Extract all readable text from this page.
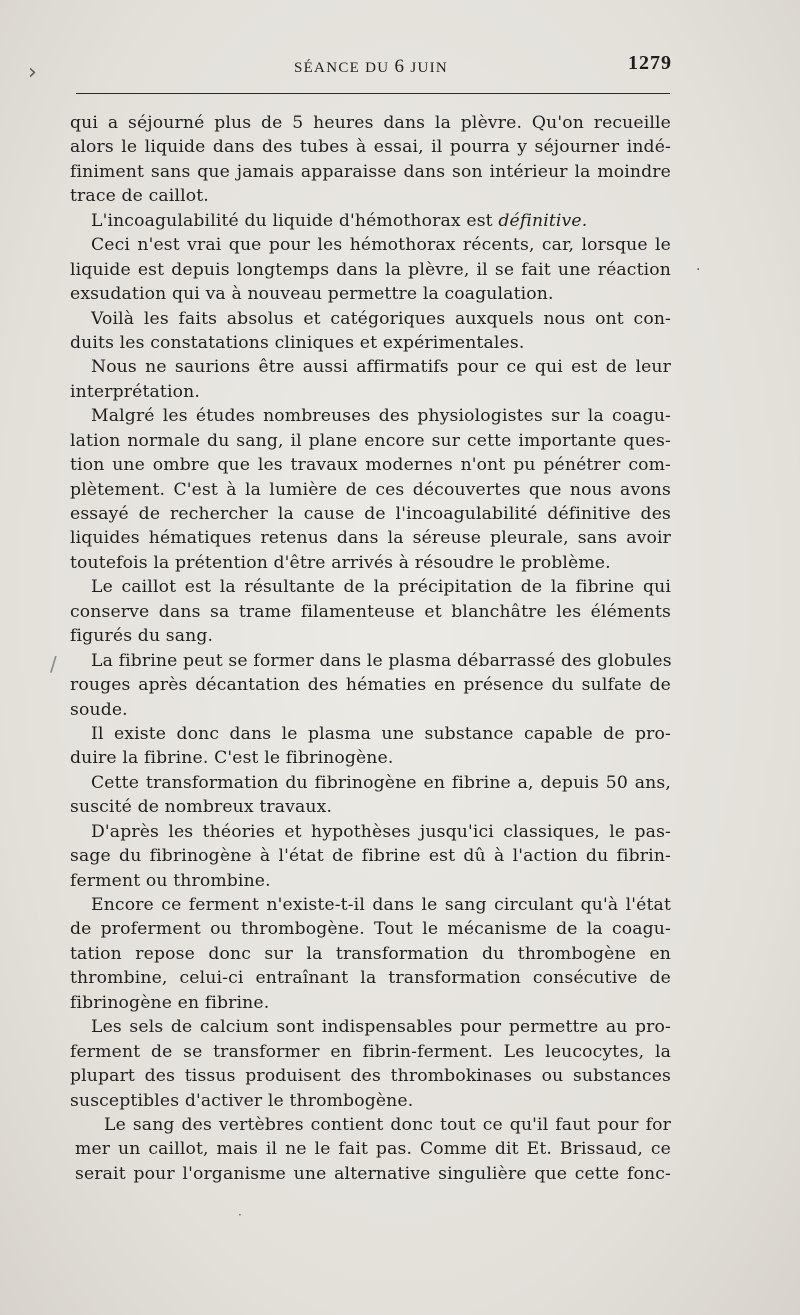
SÉANCE DU 6 JUIN	1279
qui a séjourné plus de 5 heures dans la plèvre. Qu'on recueille
alors le liquide dans des tubes à essai, il pourra y séjourner indé-
finiment sans que jamais apparaisse dans son intérieur la moindre
trace de caillot.
L'incoagulabilité du liquide d'hémothorax est définitive.
Ceci n'est vrai que pour les hémothorax récents, car, lorsque le
liquide est depuis longtemps dans la plèvre, il se fait une réaction
exsudation qui va à nouveau permettre la coagulation.
Voilà les faits absolus et catégoriques auxquels nous ont con-
duits les constatations cliniques et expérimentales.
Nous ne saurions être aussi affirmatifs pour ce qui est de leur
interprétation.
Malgré les études nombreuses des physiologistes sur la coagu-
lation normale du sang, il plane encore sur cette importante ques-
tion une ombre que les travaux modernes n'ont pu pénétrer com-
plètement. C'est à la lumière de ces découvertes que nous avons
essayé de rechercher la cause de l'incoagulabilité définitive des
liquides hématiques retenus dans la séreuse pleurale, sans avoir
toutefois la prétention d'être arrivés à résoudre le problème.
Le caillot est la résultante de la précipitation de la fibrine qui
conserve dans sa trame filamenteuse et blanchâtre les éléments
figurés du sang.
La fibrine peut se former dans le plasma débarrassé des globules
rouges après décantation des hématies en présence du sulfate de
soude.
Il existe donc dans le plasma une substance capable de pro-
duire la fibrine. C'est le fibrinogène.
Cette transformation du fibrinogène en fibrine a, depuis 50 ans,
suscité de nombreux travaux.
D'après les théories et hypothèses jusqu'ici classiques, le pas-
sage du fibrinogène à l'état de fibrine est dû à l'action du fibrin-
ferment ou thrombine.
Encore ce ferment n'existe-t-il dans le sang circulant qu'à l'état
de proferment ou thrombogène. Tout le mécanisme de la coagu-
tation repose donc sur la transformation du thrombogène en
thrombine, celui-ci entraînant la transformation consécutive de
fibrinogène en fibrine.
Les sels de calcium sont indispensables pour permettre au pro-
ferment de se transformer en fibrin-ferment. Les leucocytes, la
plupart des tissus produisent des thrombokinases ou substances
susceptibles d'activer le thrombogène.
Le sang des vertèbres contient donc tout ce qu'il faut pour for
mer un caillot, mais il ne le fait pas. Comme dit Et. Brissaud, ce
serait pour l'organisme une alternative singulière que cette fonc-
›
·
/
·
